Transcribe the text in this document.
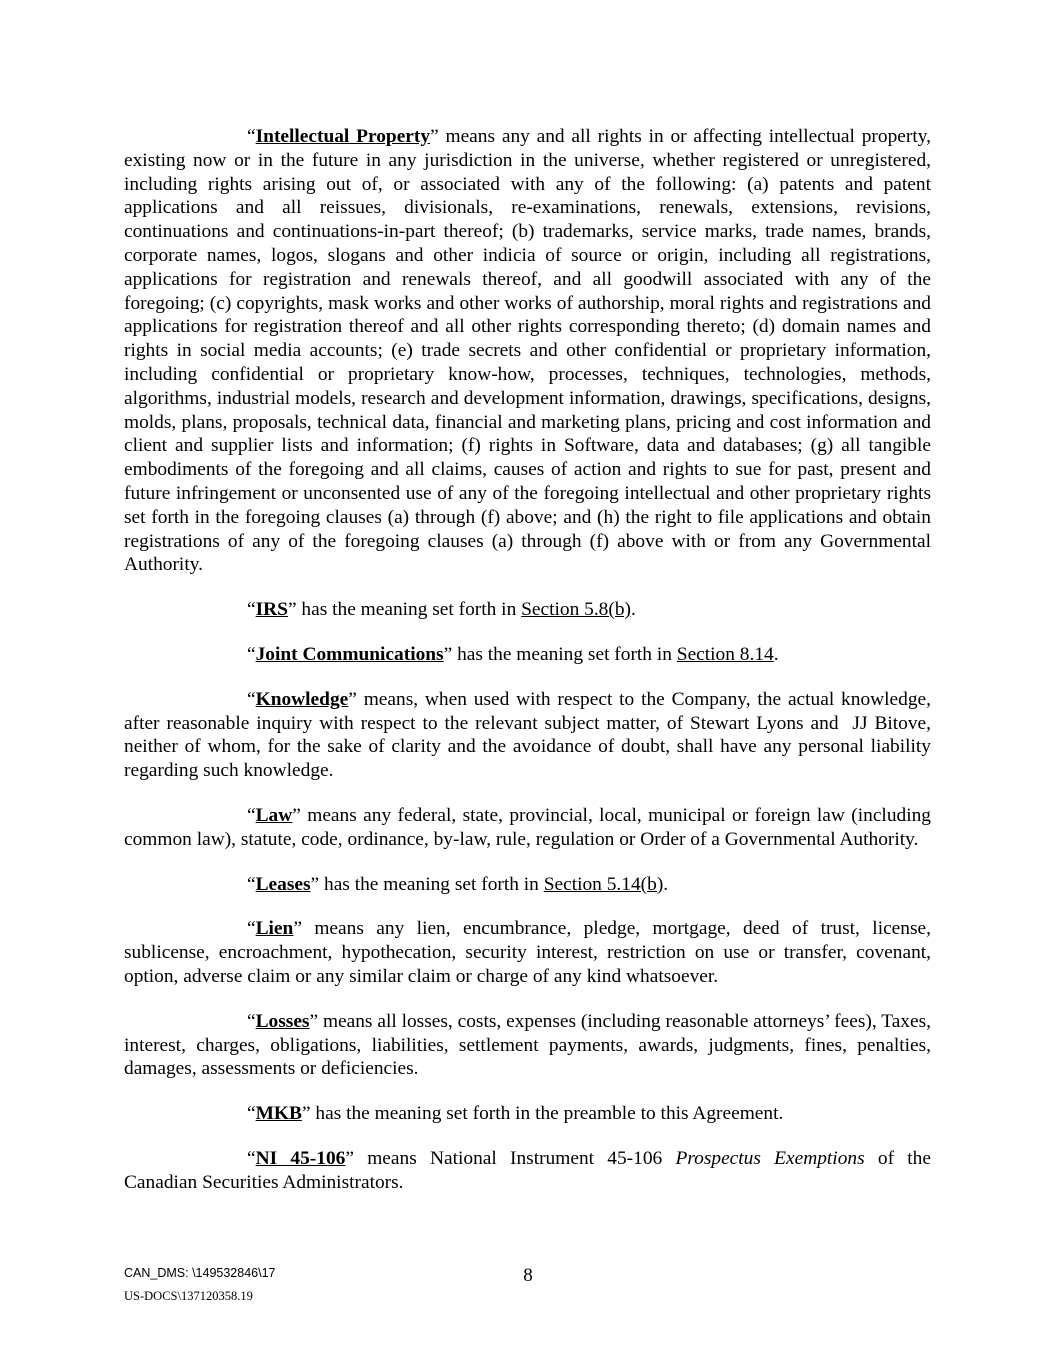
“Intellectual Property” means any and all rights in or affecting intellectual property, existing now or in the future in any jurisdiction in the universe, whether registered or unregistered, including rights arising out of, or associated with any of the following: (a) patents and patent applications and all reissues, divisionals, re-examinations, renewals, extensions, revisions, continuations and continuations-in-part thereof; (b) trademarks, service marks, trade names, brands, corporate names, logos, slogans and other indicia of source or origin, including all registrations, applications for registration and renewals thereof, and all goodwill associated with any of the foregoing; (c) copyrights, mask works and other works of authorship, moral rights and registrations and applications for registration thereof and all other rights corresponding thereto; (d) domain names and rights in social media accounts; (e) trade secrets and other confidential or proprietary information, including confidential or proprietary know-how, processes, techniques, technologies, methods, algorithms, industrial models, research and development information, drawings, specifications, designs, molds, plans, proposals, technical data, financial and marketing plans, pricing and cost information and client and supplier lists and information; (f) rights in Software, data and databases; (g) all tangible embodiments of the foregoing and all claims, causes of action and rights to sue for past, present and future infringement or unconsented use of any of the foregoing intellectual and other proprietary rights set forth in the foregoing clauses (a) through (f) above; and (h) the right to file applications and obtain registrations of any of the foregoing clauses (a) through (f) above with or from any Governmental Authority.

“IRS” has the meaning set forth in Section 5.8(b).

“Joint Communications” has the meaning set forth in Section 8.14.

“Knowledge” means, when used with respect to the Company, the actual knowledge, after reasonable inquiry with respect to the relevant subject matter, of Stewart Lyons and  JJ Bitove, neither of whom, for the sake of clarity and the avoidance of doubt, shall have any personal liability regarding such knowledge.

“Law” means any federal, state, provincial, local, municipal or foreign law (including common law), statute, code, ordinance, by-law, rule, regulation or Order of a Governmental Authority.

“Leases” has the meaning set forth in Section 5.14(b).

“Lien” means any lien, encumbrance, pledge, mortgage, deed of trust, license, sublicense, encroachment, hypothecation, security interest, restriction on use or transfer, covenant, option, adverse claim or any similar claim or charge of any kind whatsoever.

“Losses” means all losses, costs, expenses (including reasonable attorneys’ fees), Taxes, interest, charges, obligations, liabilities, settlement payments, awards, judgments, fines, penalties, damages, assessments or deficiencies.

“MKB” has the meaning set forth in the preamble to this Agreement.

“NI 45-106” means National Instrument 45-106 Prospectus Exemptions of the Canadian Securities Administrators.

CAN_DMS: \149532846\17
US-DOCS\137120358.19
8
